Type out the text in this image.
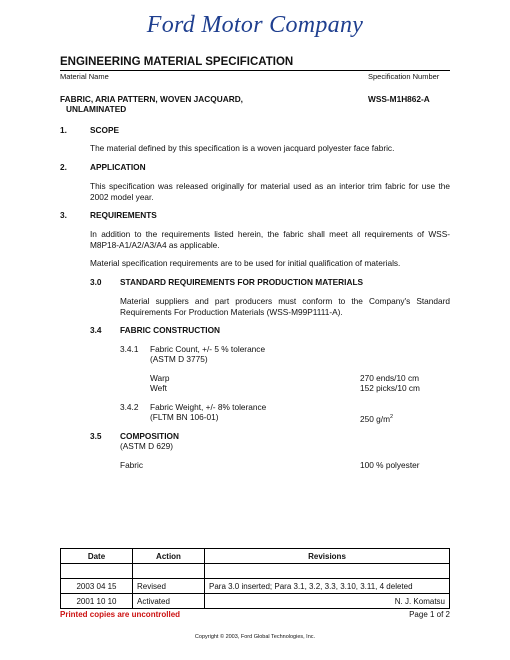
Ford Motor Company
ENGINEERING MATERIAL SPECIFICATION
Material Name	Specification Number
FABRIC, ARIA PATTERN, WOVEN JACQUARD,
UNLAMINATED
WSS-M1H862-A
1.	SCOPE
The material defined by this specification is a woven jacquard polyester face fabric.
2.	APPLICATION
This specification was released originally for material used as an interior trim fabric for use the 2002 model year.
3.	REQUIREMENTS
In addition to the requirements listed herein, the fabric shall meet all requirements of WSS-M8P18-A1/A2/A3/A4 as applicable.
Material specification requirements are to be used for initial qualification of materials.
3.0 STANDARD REQUIREMENTS FOR PRODUCTION MATERIALS
Material suppliers and part producers must conform to the Company's Standard Requirements For Production Materials (WSS-M99P1111-A).
3.4 FABRIC CONSTRUCTION
3.4.1 Fabric Count, +/- 5 % tolerance
(ASTM D 3775)
Warp	270 ends/10 cm
Weft	152 picks/10 cm
3.4.2 Fabric Weight, +/- 8% tolerance
(FLTM BN 106-01)	250 $g/m^2$
3.5 COMPOSITION
(ASTM D 629)
Fabric	100 % polyester
Date	Action	Revisions

2003 04 15	Revised	Para 3.0 inserted; Para 3.1, 3.2, 3.3, 3.10, 3.11, 4 deleted
2001 10 10	Activated	N. J. Komatsu
Printed copies are uncontrolled	Page 1 of 2
Copyright © 2003, Ford Global Technologies, Inc.
